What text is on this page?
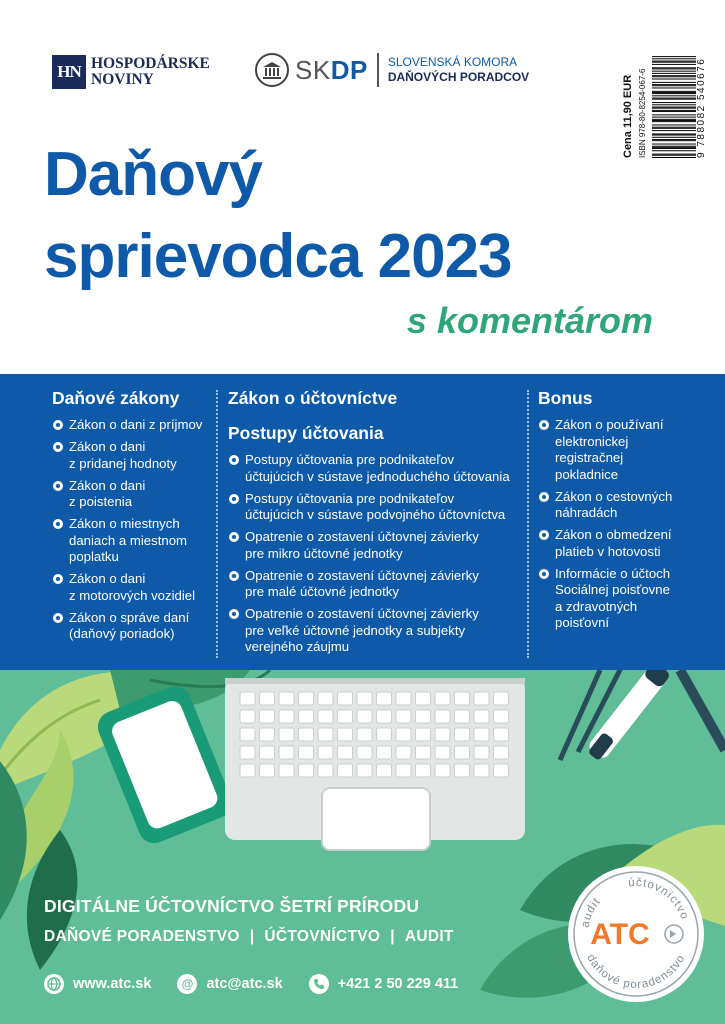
HN HOSPODÁRSKE
NOVINY	SKDP SLOVENSKÁ KOMORA
DAŇOVÝCH PORADCOV	Cena 11,90 EUR ISBN 978-80-8254-067-6	9 788082 540676
Daňový
sprievodca 2023
s komentárom
Daňové zákony
Zákon o dani z príjmov
Zákon o dani
z pridanej hodnoty
Zákon o dani
z poistenia
Zákon o miestnych
daniach a miestnom
poplatku
Zákon o dani
z motorových vozidiel
Zákon o správe daní
(daňový poriadok)
Zákon o účtovníctve
Postupy účtovania
Postupy účtovania pre podnikateľov
účtujúcich v sústave jednoduchého účtovania
Postupy účtovania pre podnikateľov
účtujúcich v sústave podvojného účtovníctva
Opatrenie o zostavení účtovnej závierky
pre mikro účtovné jednotky
Opatrenie o zostavení účtovnej závierky
pre malé účtovné jednotky
Opatrenie o zostavení účtovnej závierky
pre veľké účtovné jednotky a subjekty
verejného záujmu
Bonus
Zákon o používaní
elektronickej
registračnej
pokladnice
Zákon o cestovných
náhradách
Zákon o obmedzení
platieb v hotovosti
Informácie o účtoch
Sociálnej poisťovne
a zdravotných
poisťovní
DIGITÁLNE ÚČTOVNÍCTVO ŠETRÍ PRÍRODU
DAŇOVÉ PORADENSTVO | ÚČTOVNÍCTVO | AUDIT
www.atc.sk	@ atc@atc.sk	+421 2 50 229 411
audit
účtovníctvo
daňové poradenstvo
ATC
